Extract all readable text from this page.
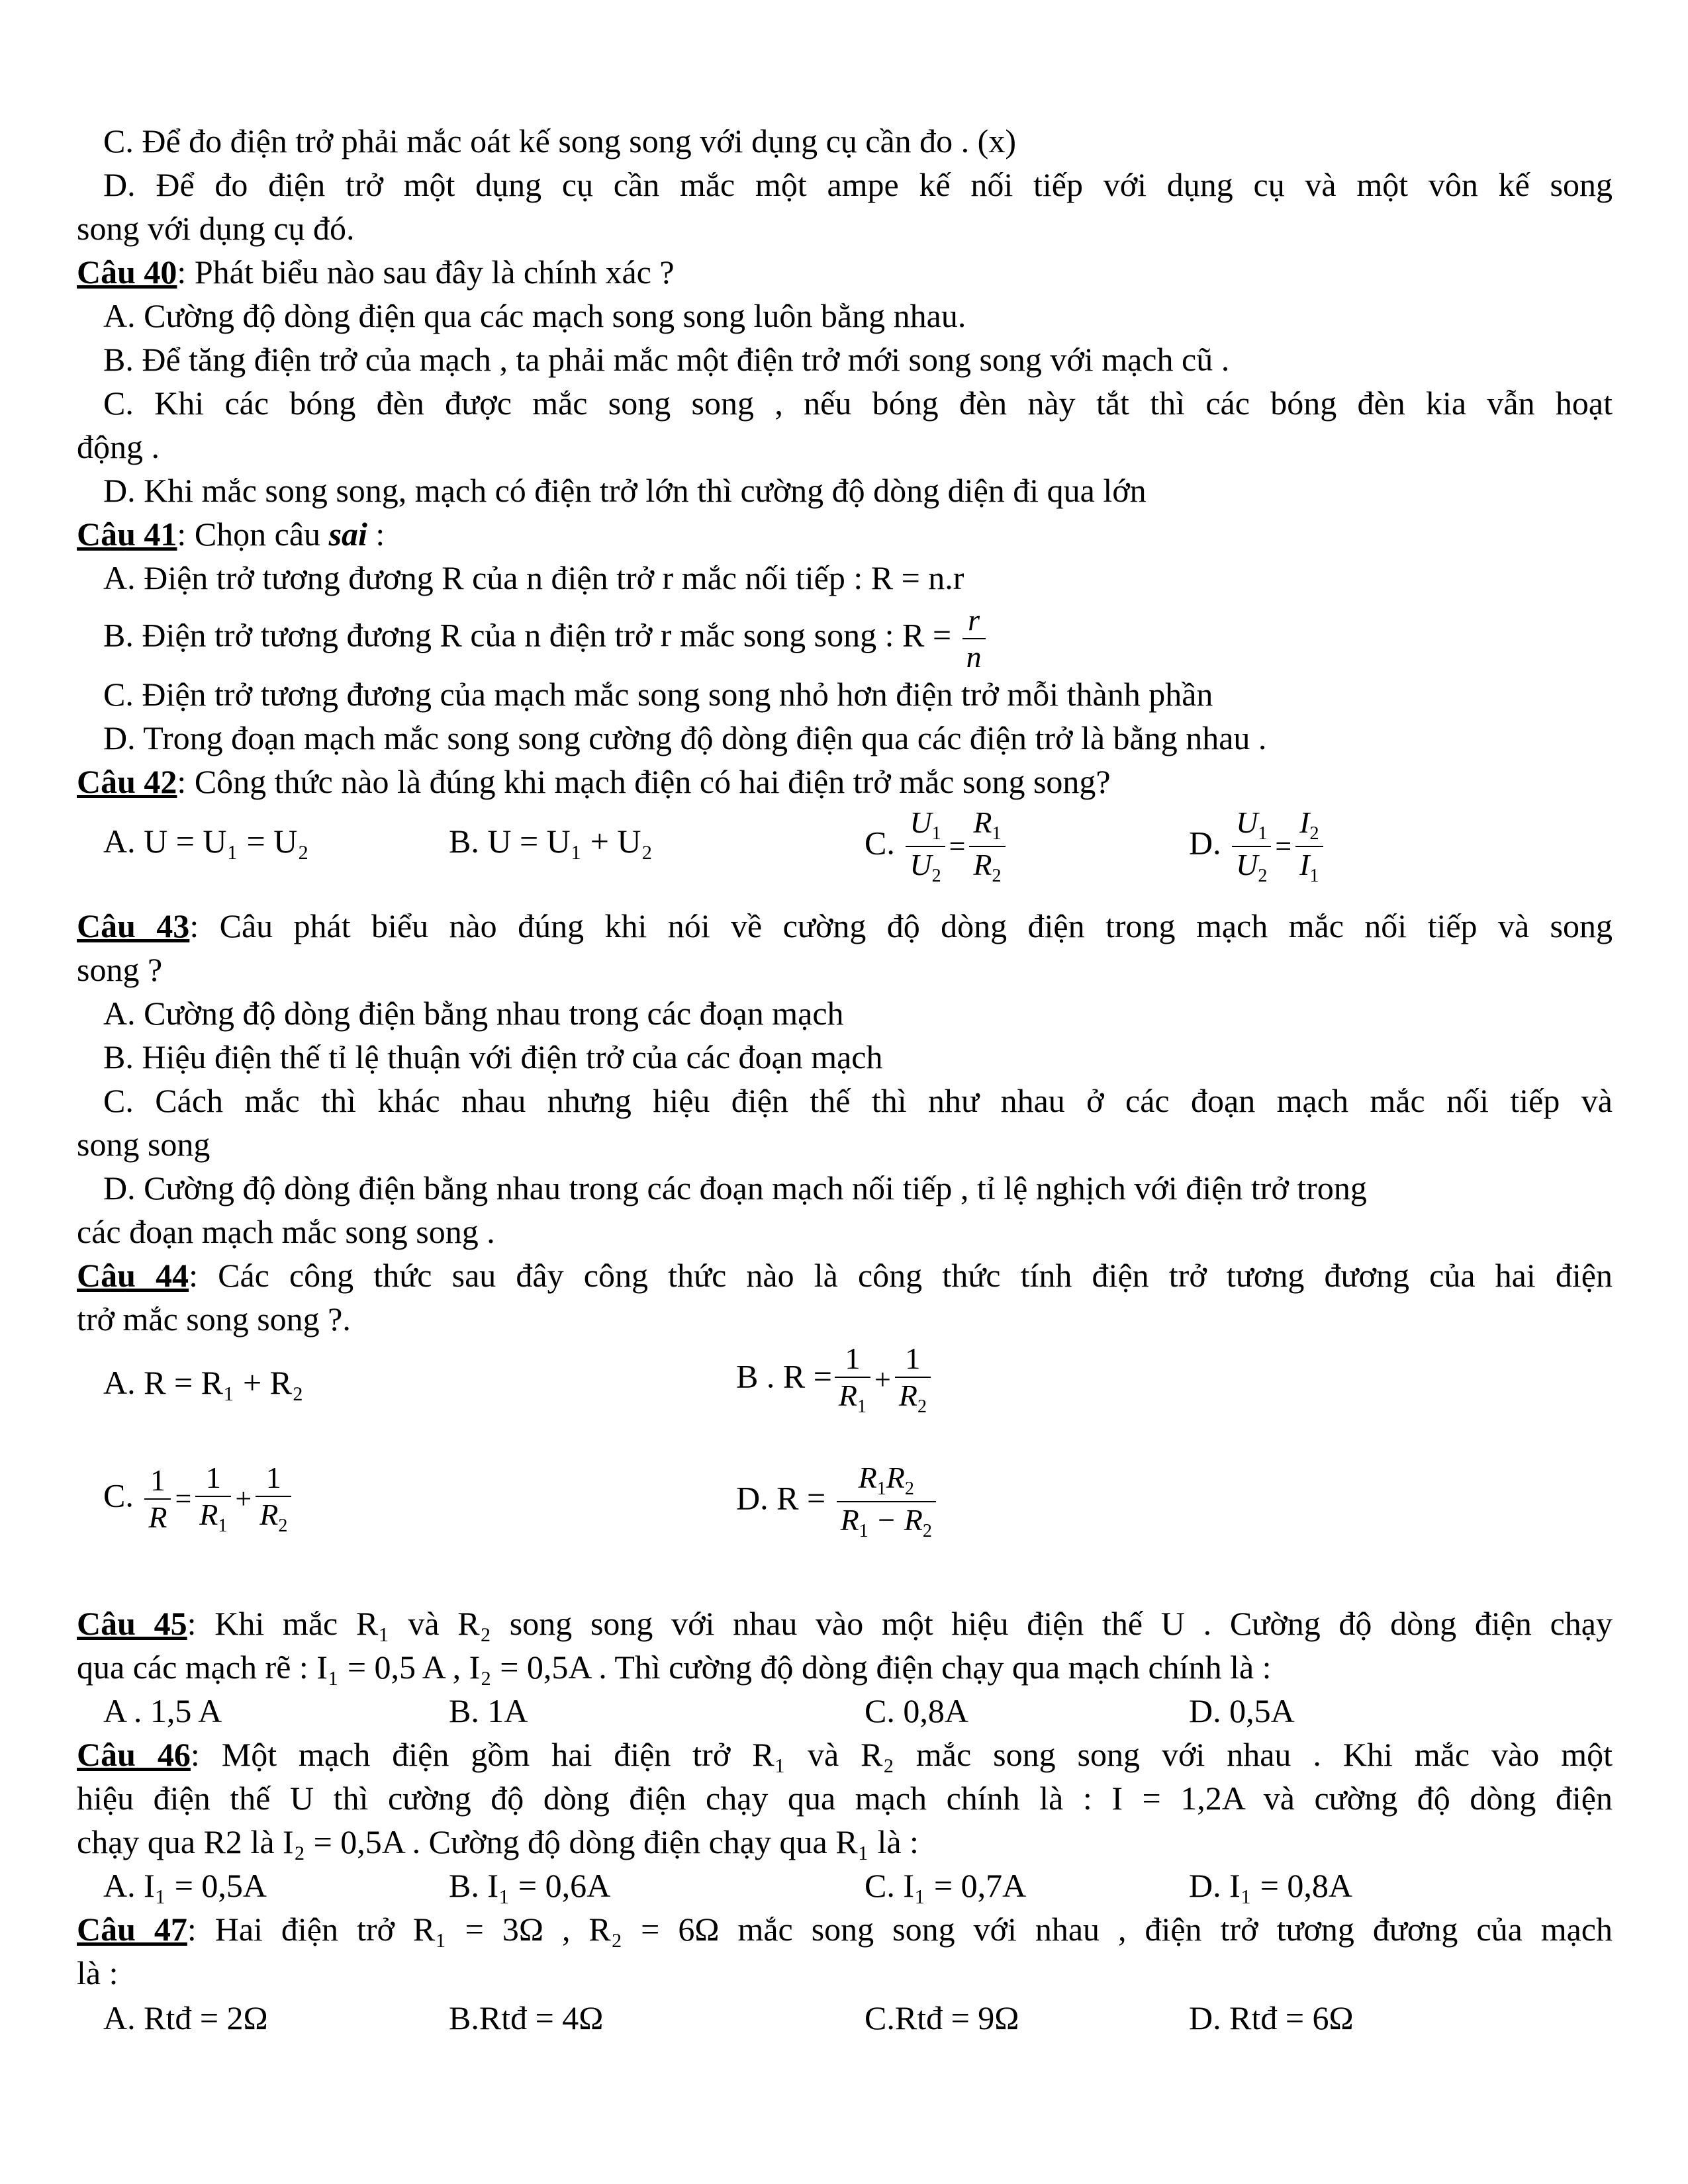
C. Để đo điện trở phải mắc oát kế song song với dụng cụ cần đo . (x)
D. Để đo điện trở một dụng cụ cần mắc một ampe kế nối tiếp với dụng cụ và một vôn kế song
song với dụng cụ đó.
Câu 40: Phát biểu nào sau đây là chính xác ?
A. Cường độ dòng điện qua các mạch song song luôn bằng nhau.
B. Để tăng điện trở của mạch , ta phải mắc một điện trở mới song song với mạch cũ .
C. Khi các bóng đèn được mắc song song , nếu bóng đèn này tắt thì các bóng đèn kia vẫn hoạt
động .
D. Khi mắc song song, mạch có điện trở lớn thì cường độ dòng diện đi qua lớn
Câu 41: Chọn câu sai :
A. Điện trở tương đương R của n điện trở r mắc nối tiếp : R = n.r
B. Điện trở tương đương R của n điện trở r mắc song song : $R = \frac{r}{n}$
C. Điện trở tương đương của mạch mắc song song nhỏ hơn điện trở mỗi thành phần
D. Trong đoạn mạch mắc song song cường độ dòng điện qua các điện trở là bằng nhau .
Câu 42: Công thức nào là đúng khi mạch điện có hai điện trở mắc song song?
A. U = U₁ = U₂	B. U = U₁ + U₂	C. $\frac{U_1}{U_2} = \frac{R_1}{R_2}$	D. $\frac{U_1}{U_2} = \frac{I_2}{I_1}$
Câu 43: Câu phát biểu nào đúng khi nói về cường độ dòng điện trong mạch mắc nối tiếp và song
song ?
A. Cường độ dòng điện bằng nhau trong các đoạn mạch
B. Hiệu điện thế tỉ lệ thuận với điện trở của các đoạn mạch
C. Cách mắc thì khác nhau nhưng hiệu điện thế thì như nhau ở các đoạn mạch mắc nối tiếp và
song song
D. Cường độ dòng điện bằng nhau trong các đoạn mạch nối tiếp , tỉ lệ nghịch với điện trở trong
các đoạn mạch mắc song song .
Câu 44: Các công thức sau đây công thức nào là công thức tính điện trở tương đương của hai điện
trở mắc song song ?.
A. R = R₁ + R₂	B . $R = \frac{1}{R_1} + \frac{1}{R_2}$
C. $\frac{1}{R} = \frac{1}{R_1} + \frac{1}{R_2}$	D. $R = \frac{R_1R_2}{R_1 - R_2}$
Câu 45: Khi mắc R₁ và R₂ song song với nhau vào một hiệu điện thế U . Cường độ dòng điện chạy
qua các mạch rẽ : I₁ = 0,5 A , I₂ = 0,5A . Thì cường độ dòng điện chạy qua mạch chính là :
A . 1,5 A	B. 1A	C. 0,8A	D. 0,5A
Câu 46: Một mạch điện gồm hai điện trở R₁ và R₂ mắc song song với nhau . Khi mắc vào một
hiệu điện thế U thì cường độ dòng điện chạy qua mạch chính là : I = 1,2A và cường độ dòng điện
chạy qua R2 là I₂ = 0,5A . Cường độ dòng điện chạy qua R₁ là :
A. I₁ = 0,5A	B. I₁ = 0,6A	C. I₁ = 0,7A	D. I₁ = 0,8A
Câu 47: Hai điện trở R₁ = 3Ω , R₂ = 6Ω mắc song song với nhau , điện trở tương đương của mạch
là :
A. Rtđ = 2Ω	B.Rtđ = 4Ω	C.Rtđ = 9Ω	D. Rtđ = 6Ω
